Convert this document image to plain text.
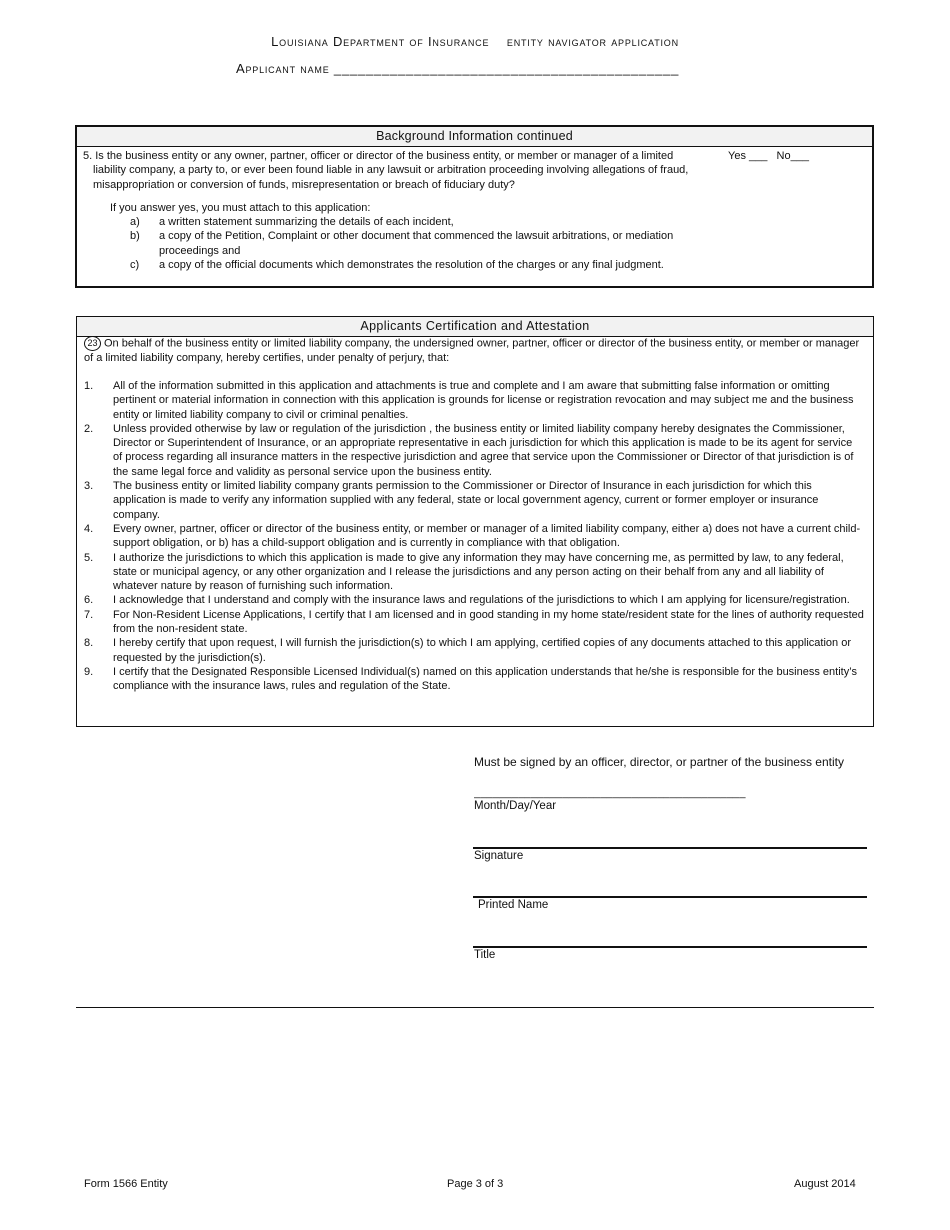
Louisiana Department of Insurance    entity navigator application
Applicant name ___________________________________________
Background Information continued
5. Is the business entity or any owner, partner, officer or director of the business entity, or member or manager of a limited liability company, a party to, or ever been found liable in any lawsuit or arbitration proceeding involving allegations of fraud, misappropriation or conversion of funds, misrepresentation or breach of fiduciary duty?
Yes ___   No___
If you answer yes, you must attach to this application:
a)	a written statement summarizing the details of each incident,
b)	a copy of the Petition, Complaint or other document that commenced the lawsuit arbitrations, or mediation proceedings and
c)	a copy of the official documents which demonstrates the resolution of the charges or any final judgment.
Applicants Certification and Attestation
23 On behalf of the business entity or limited liability company, the undersigned owner, partner, officer or director of the business entity, or member or manager of a limited liability company, hereby certifies, under penalty of perjury, that:
1.	All of the information submitted in this application and attachments is true and complete and I am aware that submitting false information or omitting pertinent or material information in connection with this application is grounds for license or registration revocation and may subject me and the business entity or limited liability company to civil or criminal penalties.
2.	Unless provided otherwise by law or regulation of the jurisdiction , the business entity or limited liability company hereby designates the Commissioner, Director or Superintendent of Insurance, or an appropriate representative in each jurisdiction for which this application is made to be its agent for service of process regarding all insurance matters in the respective jurisdiction and agree that service upon the Commissioner or Director of that jurisdiction is of the same legal force and validity as personal service upon the business entity.
3.	The business entity or limited liability company grants permission to the Commissioner or Director of Insurance in each jurisdiction for which this application is made to verify any information supplied with any federal, state or local government agency, current or former employer or insurance company.
4.	Every owner, partner, officer or director of the business entity, or member or manager of a limited liability company, either a) does not have a current child-support obligation, or b) has a child-support obligation and is currently in compliance with that obligation.
5.	I authorize the jurisdictions to which this application is made to give any information they may have concerning me, as permitted by law, to any federal, state or municipal agency, or any other organization and I release the jurisdictions and any person acting on their behalf from any and all liability of whatever nature by reason of furnishing such information.
6.	I acknowledge that I understand and comply with the insurance laws and regulations of the jurisdictions to which I am applying for licensure/registration.
7.	For Non-Resident License Applications, I certify that I am licensed and in good standing in my home state/resident state for the lines of authority requested from the non-resident state.
8.	I hereby certify that upon request, I will furnish the jurisdiction(s) to which I am applying, certified copies of any documents attached to this application or requested by the jurisdiction(s).
9.	I certify that the Designated Responsible Licensed Individual(s) named on this application understands that he/she is responsible for the business entity’s compliance with the insurance laws, rules and regulation of the State.
Must be signed by an officer, director, or partner of the business entity
___________________________________________
Month/Day/Year
Signature
Printed Name
Title
Form 1566 Entity	Page 3 of 3	August 2014
